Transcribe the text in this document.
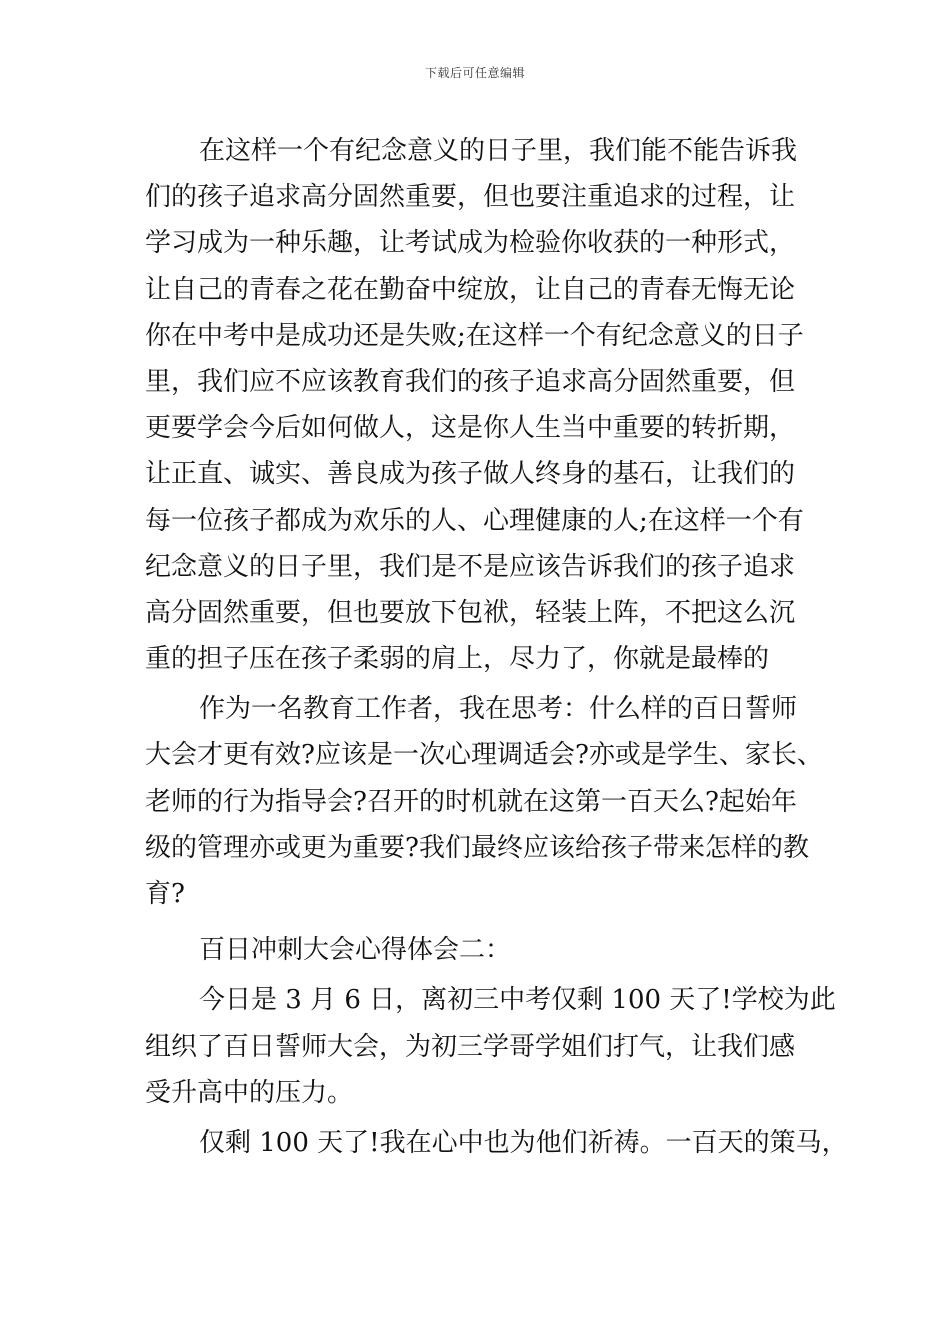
下载后可任意编辑
在这样一个有纪念意义的日子里，我们能不能告诉我
们的孩子追求高分固然重要，但也要注重追求的过程，让
学习成为一种乐趣，让考试成为检验你收获的一种形式，
让自己的青春之花在勤奋中绽放，让自己的青春无悔无论
你在中考中是成功还是失败;在这样一个有纪念意义的日子
里，我们应不应该教育我们的孩子追求高分固然重要，但
更要学会今后如何做人，这是你人生当中重要的转折期，
让正直、诚实、善良成为孩子做人终身的基石，让我们的
每一位孩子都成为欢乐的人、心理健康的人;在这样一个有
纪念意义的日子里，我们是不是应该告诉我们的孩子追求
高分固然重要，但也要放下包袱，轻装上阵，不把这么沉
重的担子压在孩子柔弱的肩上，尽力了，你就是最棒的
作为一名教育工作者，我在思考：什么样的百日誓师
大会才更有效?应该是一次心理调适会?亦或是学生、家长、
老师的行为指导会?召开的时机就在这第一百天么?起始年
级的管理亦或更为重要?我们最终应该给孩子带来怎样的教
育?
百日冲刺大会心得体会二：
今日是 3 月 6 日，离初三中考仅剩 100 天了!学校为此
组织了百日誓师大会，为初三学哥学姐们打气，让我们感
受升高中的压力。
仅剩 100 天了!我在心中也为他们祈祷。一百天的策马，
